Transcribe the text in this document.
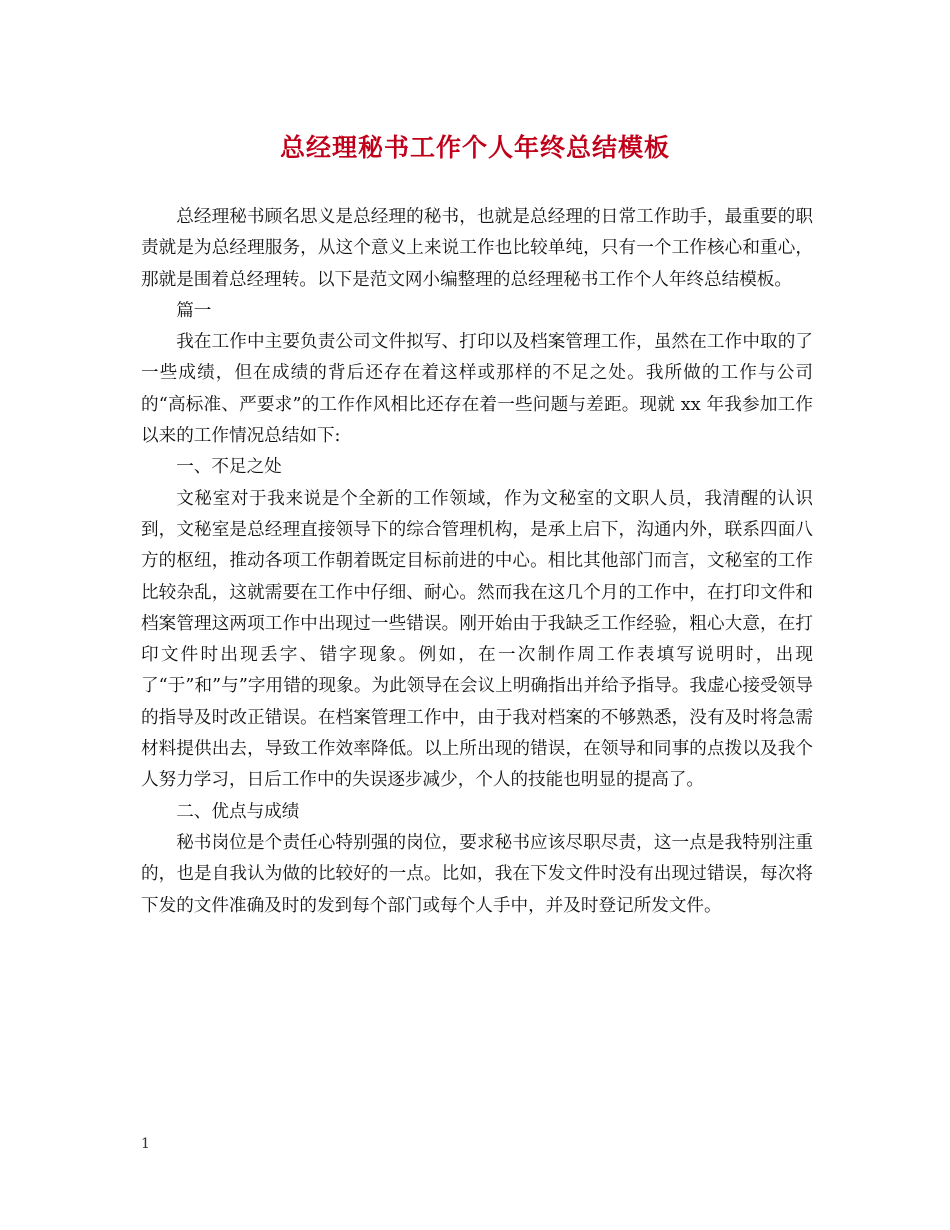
总经理秘书工作个人年终总结模板

总经理秘书顾名思义是总经理的秘书，也就是总经理的日常工作助手，最重要的职责就是为总经理服务，从这个意义上来说工作也比较单纯，只有一个工作核心和重心，那就是围着总经理转。以下是范文网小编整理的总经理秘书工作个人年终总结模板。

篇一

我在工作中主要负责公司文件拟写、打印以及档案管理工作，虽然在工作中取的了一些成绩，但在成绩的背后还存在着这样或那样的不足之处。我所做的工作与公司的“高标准、严要求”的工作作风相比还存在着一些问题与差距。现就 xx 年我参加工作以来的工作情况总结如下:

一、不足之处

文秘室对于我来说是个全新的工作领域，作为文秘室的文职人员，我清醒的认识到，文秘室是总经理直接领导下的综合管理机构，是承上启下，沟通内外，联系四面八方的枢纽，推动各项工作朝着既定目标前进的中心。相比其他部门而言，文秘室的工作比较杂乱，这就需要在工作中仔细、耐心。然而我在这几个月的工作中，在打印文件和档案管理这两项工作中出现过一些错误。刚开始由于我缺乏工作经验，粗心大意，在打印文件时出现丢字、错字现象。例如，在一次制作周工作表填写说明时，出现了“于”和”与”字用错的现象。为此领导在会议上明确指出并给予指导。我虚心接受领导的指导及时改正错误。在档案管理工作中，由于我对档案的不够熟悉，没有及时将急需材料提供出去，导致工作效率降低。以上所出现的错误，在领导和同事的点拨以及我个人努力学习，日后工作中的失误逐步减少，个人的技能也明显的提高了。

二、优点与成绩

秘书岗位是个责任心特别强的岗位，要求秘书应该尽职尽责，这一点是我特别注重的，也是自我认为做的比较好的一点。比如，我在下发文件时没有出现过错误，每次将下发的文件准确及时的发到每个部门或每个人手中，并及时登记所发文件。

1
